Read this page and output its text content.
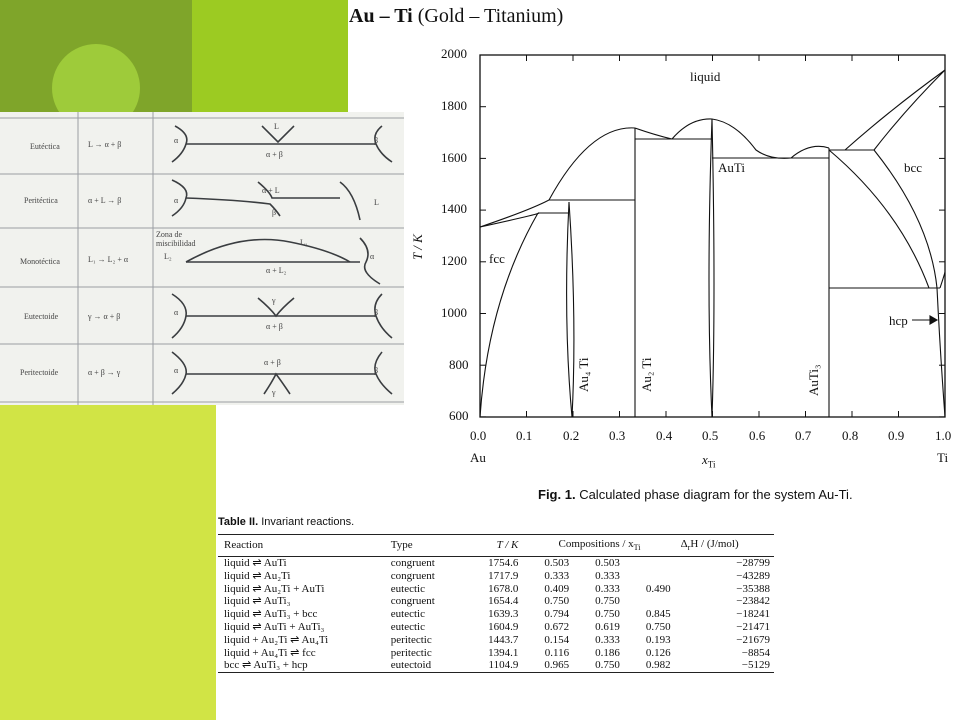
Eutéctica	L → α + β
L
α	β
α + β
Peritéctica	α + L → β
α + L
α
β
L
Monotéctica	L₁ → L₂ + α
Zona de
miscibilidad
L₂
L₁
α
α + L₂
Eutectoide	γ → α + β
γ
α	β
α + β
Peritectoide	α + β → γ
α + β
α	β
γ
Au – Ti (Gold – Titanium)
2000
1800
1600
1400
1200
1000
800
600
0.0 0.1 0.2 0.3 0.4 0.5 0.6 0.7 0.8 0.9 1.0
Au	Ti
$x_{Ti}$
T / K
liquid
fcc
bcc
AuTi
hcp
Au₄ Ti	Au₂ Ti	AuTi₃
Fig. 1. Calculated phase diagram for the system Au-Ti.
Table II. Invariant reactions.
Reaction	Type	T / K	Compositions / $x_{Ti}$			$\Delta_rH / (J/mol)$
liquid ⇌ AuTi	congruent	1754.6	0.503	0.503		−28799
liquid ⇌ Au₂Ti	congruent	1717.9	0.333	0.333		−43289
liquid ⇌ Au₂Ti + AuTi	eutectic	1678.0	0.409	0.333	0.490	−35388
liquid ⇌ AuTi₃	congruent	1654.4	0.750	0.750		−23842
liquid ⇌ AuTi₃ + bcc	eutectic	1639.3	0.794	0.750	0.845	−18241
liquid ⇌ AuTi + AuTi₃	eutectic	1604.9	0.672	0.619	0.750	−21471
liquid + Au₂Ti ⇌ Au₄Ti	peritectic	1443.7	0.154	0.333	0.193	−21679
liquid + Au₄Ti ⇌ fcc	peritectic	1394.1	0.116	0.186	0.126	−8854
bcc ⇌ AuTi₃ + hcp	eutectoid	1104.9	0.965	0.750	0.982	−5129
